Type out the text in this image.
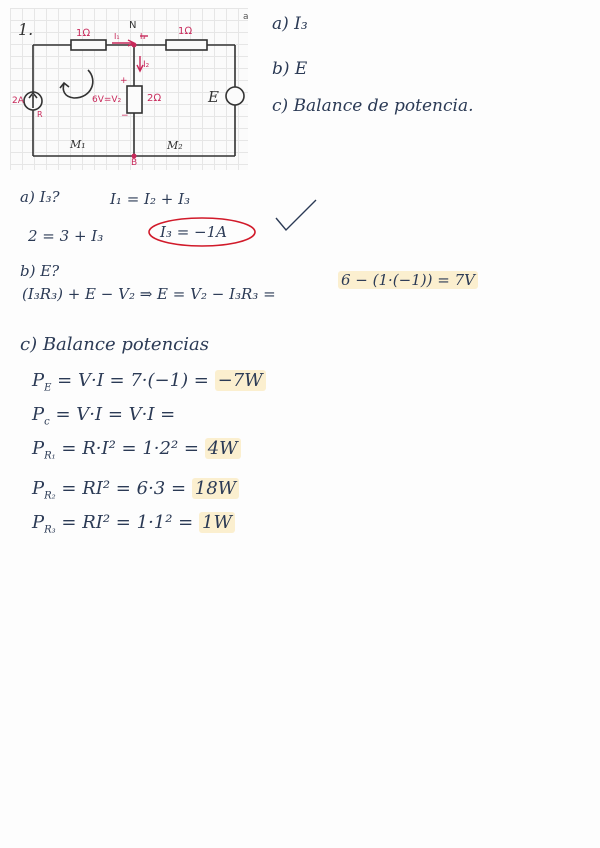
1.	1Ω	1Ω
N
I₁	I₃
I₂
+
−
6V=V₂	2Ω
2A
R
E
M₁	M₂
B
a a) I₃
b) E
c) Balance de potencia.
a) I₃?	I₁ = I₂ + I₃
2 = 3 + I₃	I₃ = −1A
b) E?
(I₃R₃) + E − V₂ ⇒ E = V₂ − I₃R₃ =
6 − (1·(−1)) = 7V
c) Balance potencias
$P_E = V\cdot I = 7\cdot(-1) = -7W$
$P_c = V\cdot I = V\cdot I$ =
$P_{R_1} = R\cdot I^2 = 1\cdot 2^2 = 4W$
$P_{R_2} = RI^2 = 6\cdot 3 = 18W$
$P_{R_3} = RI^2 = 1\cdot 1^2 = 1W$
